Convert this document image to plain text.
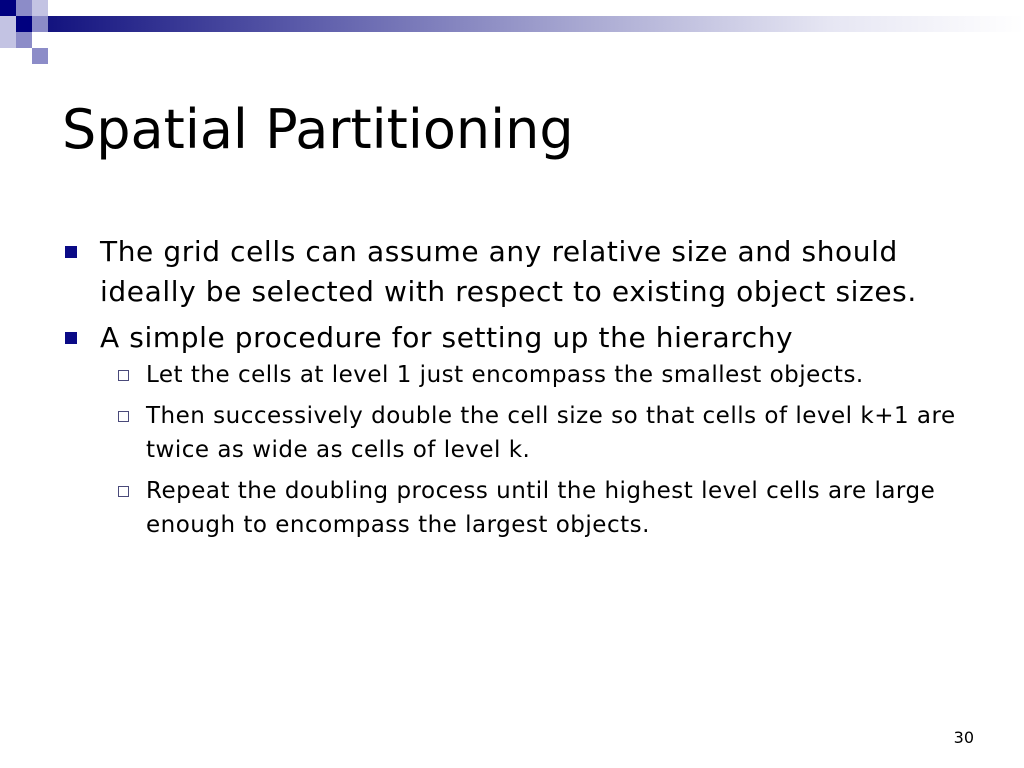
Spatial Partitioning
The grid cells can assume any relative size and should ideally be selected with respect to existing object sizes.
A simple procedure for setting up the hierarchy
Let the cells at level 1 just encompass the smallest objects.
Then successively double the cell size so that cells of level k+1 are twice as wide as cells of level k.
Repeat the doubling process until the highest level cells are large enough to encompass the largest objects.
30
